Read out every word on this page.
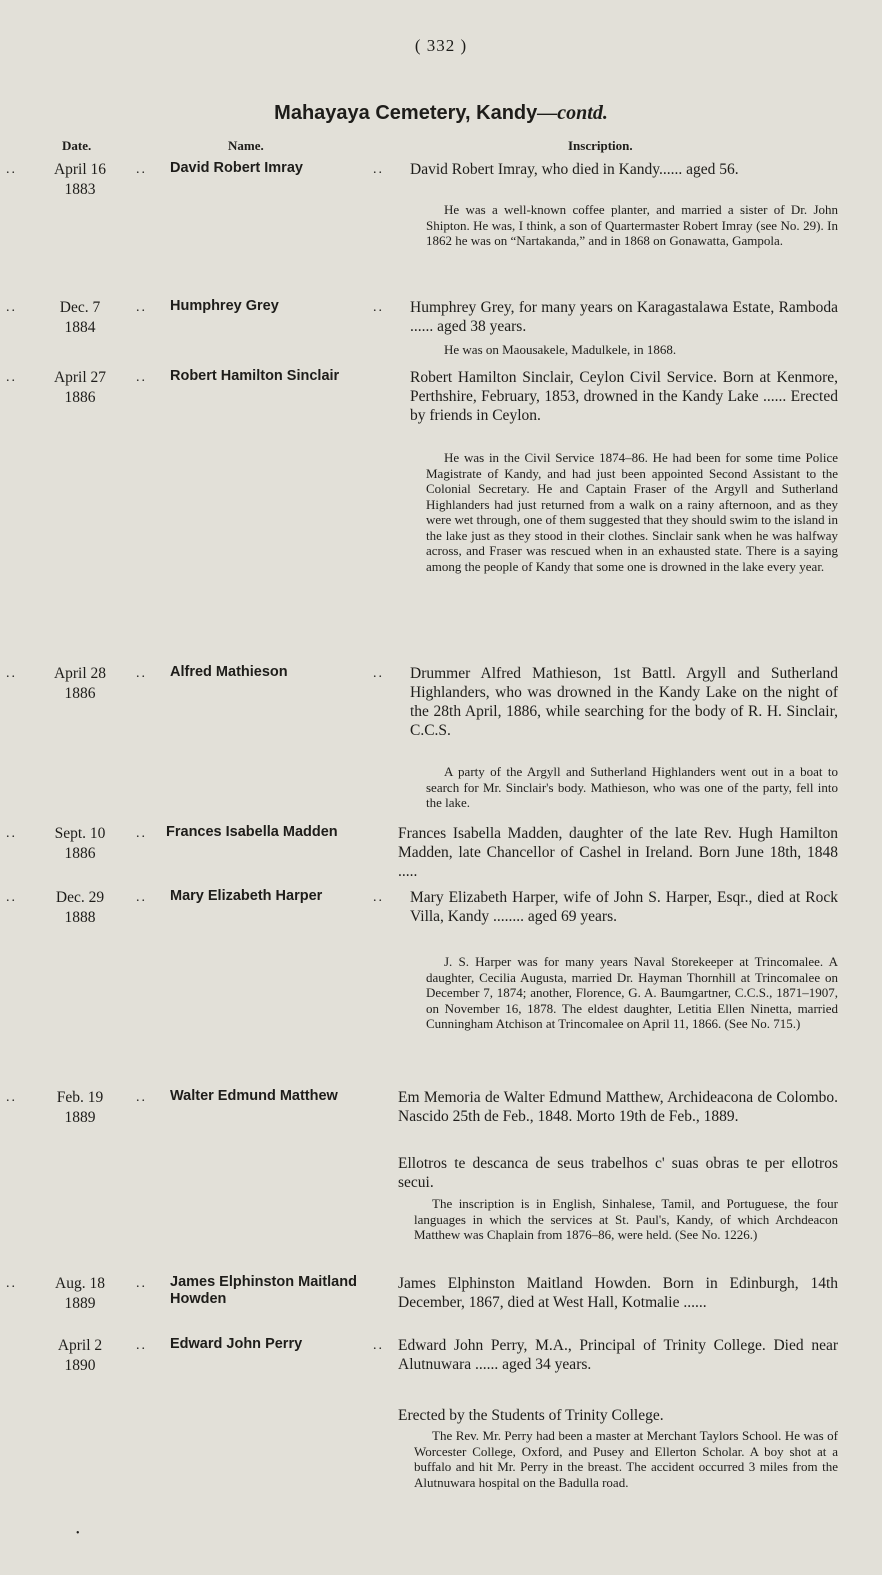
( 332 )
Mahayaya Cemetery, Kandy—contd.
Date.	Name.	Inscription.
..	April 16
1883
.. David Robert Imray	.. David Robert Imray, who died in Kandy...... aged 56.
He was a well-known coffee planter, and married a sister of Dr. John Shipton. He was, I think, a son of Quartermaster Robert Imray (see No. 29). In 1862 he was on “Nartakanda,” and in 1868 on Gonawatta, Gampola.
..	Dec. 7
1884
.. Humphrey Grey	.. Humphrey Grey, for many years on Karagastalawa Estate, Ramboda ...... aged 38 years.
He was on Maousakele, Madulkele, in 1868.
..	April 27
1886
.. Robert Hamilton Sinclair	Robert Hamilton Sinclair, Ceylon Civil Service. Born at Kenmore, Perthshire, February, 1853, drowned in the Kandy Lake ...... Erected by friends in Ceylon.
He was in the Civil Service 1874–86. He had been for some time Police Magistrate of Kandy, and had just been appointed Second Assistant to the Colonial Secretary. He and Captain Fraser of the Argyll and Sutherland Highlanders had just returned from a walk on a rainy afternoon, and as they were wet through, one of them suggested that they should swim to the island in the lake just as they stood in their clothes. Sinclair sank when he was halfway across, and Fraser was rescued when in an exhausted state. There is a saying among the people of Kandy that some one is drowned in the lake every year.
..	April 28
1886
.. Alfred Mathieson	.. Drummer Alfred Mathieson, 1st Battl. Argyll and Sutherland Highlanders, who was drowned in the Kandy Lake on the night of the 28th April, 1886, while searching for the body of R. H. Sinclair, C.C.S.
A party of the Argyll and Sutherland Highlanders went out in a boat to search for Mr. Sinclair's body. Mathieson, who was one of the party, fell into the lake.
..	Sept. 10
1886
.. Frances Isabella Madden	Frances Isabella Madden, daughter of the late Rev. Hugh Hamilton Madden, late Chancellor of Cashel in Ireland. Born June 18th, 1848 .....
..	Dec. 29
1888
.. Mary Elizabeth Harper	.. Mary Elizabeth Harper, wife of John S. Harper, Esqr., died at Rock Villa, Kandy ........ aged 69 years.
J. S. Harper was for many years Naval Storekeeper at Trincomalee. A daughter, Cecilia Augusta, married Dr. Hayman Thornhill at Trincomalee on December 7, 1874; another, Florence, G. A. Baumgartner, C.C.S., 1871–1907, on November 16, 1878. The eldest daughter, Letitia Ellen Ninetta, married Cunningham Atchison at Trincomalee on April 11, 1866. (See No. 715.)
..	Feb. 19
1889
.. Walter Edmund Matthew	Em Memoria de Walter Edmund Matthew, Archideacona de Colombo. Nascido 25th de Feb., 1848. Morto 19th de Feb., 1889.
Ellotros te descanca de seus trabelhos c' suas obras te per ellotros secui.
The inscription is in English, Sinhalese, Tamil, and Portuguese, the four languages in which the services at St. Paul's, Kandy, of which Archdeacon Matthew was Chaplain from 1876–86, were held. (See No. 1226.)
..	Aug. 18
1889
.. James Elphinston Maitland Howden
James Elphinston Maitland Howden. Born in Edinburgh, 14th December, 1867, died at West Hall, Kotmalie ......
April 2
1890
.. Edward John Perry	.. Edward John Perry, M.A., Principal of Trinity College. Died near Alutnuwara ...... aged 34 years.
Erected by the Students of Trinity College.
The Rev. Mr. Perry had been a master at Merchant Taylors School. He was of Worcester College, Oxford, and Pusey and Ellerton Scholar. A boy shot at a buffalo and hit Mr. Perry in the breast. The accident occurred 3 miles from the Alutnuwara hospital on the Badulla road.
•
